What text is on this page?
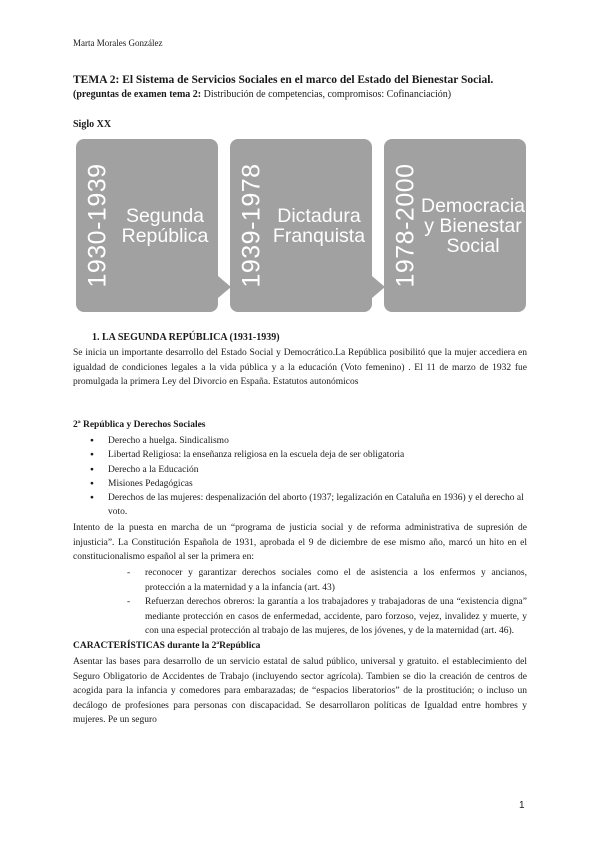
Marta Morales González
TEMA 2: El Sistema de Servicios Sociales en el marco del Estado del Bienestar Social.
(preguntas de examen tema 2: Distribución de competencias, compromisos: Cofinanciación)
Siglo XX
1930-1939 Segunda República	1939-1978 Dictadura Franquista 1978-2000 Democracia y Bienestar Social
1. LA SEGUNDA REPÚBLICA (1931-1939)
Se inicia un importante desarrollo del Estado Social y Democrático.La República posibilitó que la mujer accediera en igualdad de condiciones legales a la vida pública y a la educación (Voto femenino) . El 11 de marzo de 1932 fue promulgada la primera Ley del Divorcio en España. Estatutos autonómicos
2ª República y Derechos Sociales
● Derecho a huelga. Sindicalismo
● Libertad Religiosa: la enseñanza religiosa en la escuela deja de ser obligatoria
● Derecho a la Educación
● Misiones Pedagógicas
● Derechos de las mujeres: despenalización del aborto (1937; legalización en Cataluña en 1936) y el derecho al voto.
Intento de la puesta en marcha de un “programa de justicia social y de reforma administrativa de supresión de injusticia”. La Constitución Española de 1931, aprobada el 9 de diciembre de ese mismo año, marcó un hito en el constitucionalismo español al ser la primera en:
- reconocer y garantizar derechos sociales como el de asistencia a los enfermos y ancianos, protección a la maternidad y a la infancia (art. 43)
- Refuerzan derechos obreros: la garantía a los trabajadores y trabajadoras de una “existencia digna” mediante protección en casos de enfermedad, accidente, paro forzoso, vejez, invalidez y muerte, y con una especial protección al trabajo de las mujeres, de los jóvenes, y de la maternidad (art. 46).
CARACTERÍSTICAS durante la 2ªRepública
Asentar las bases para desarrollo de un servicio estatal de salud público, universal y gratuito. el establecimiento del Seguro Obligatorio de Accidentes de Trabajo (incluyendo sector agrícola). Tambien se dio la creación de centros de acogida para la infancia y comedores para embarazadas; de “espacios liberatorios” de la prostitución; o incluso un decálogo de profesiones para personas con discapacidad. Se desarrollaron políticas de Igualdad entre hombres y mujeres. Pe un seguro
1
